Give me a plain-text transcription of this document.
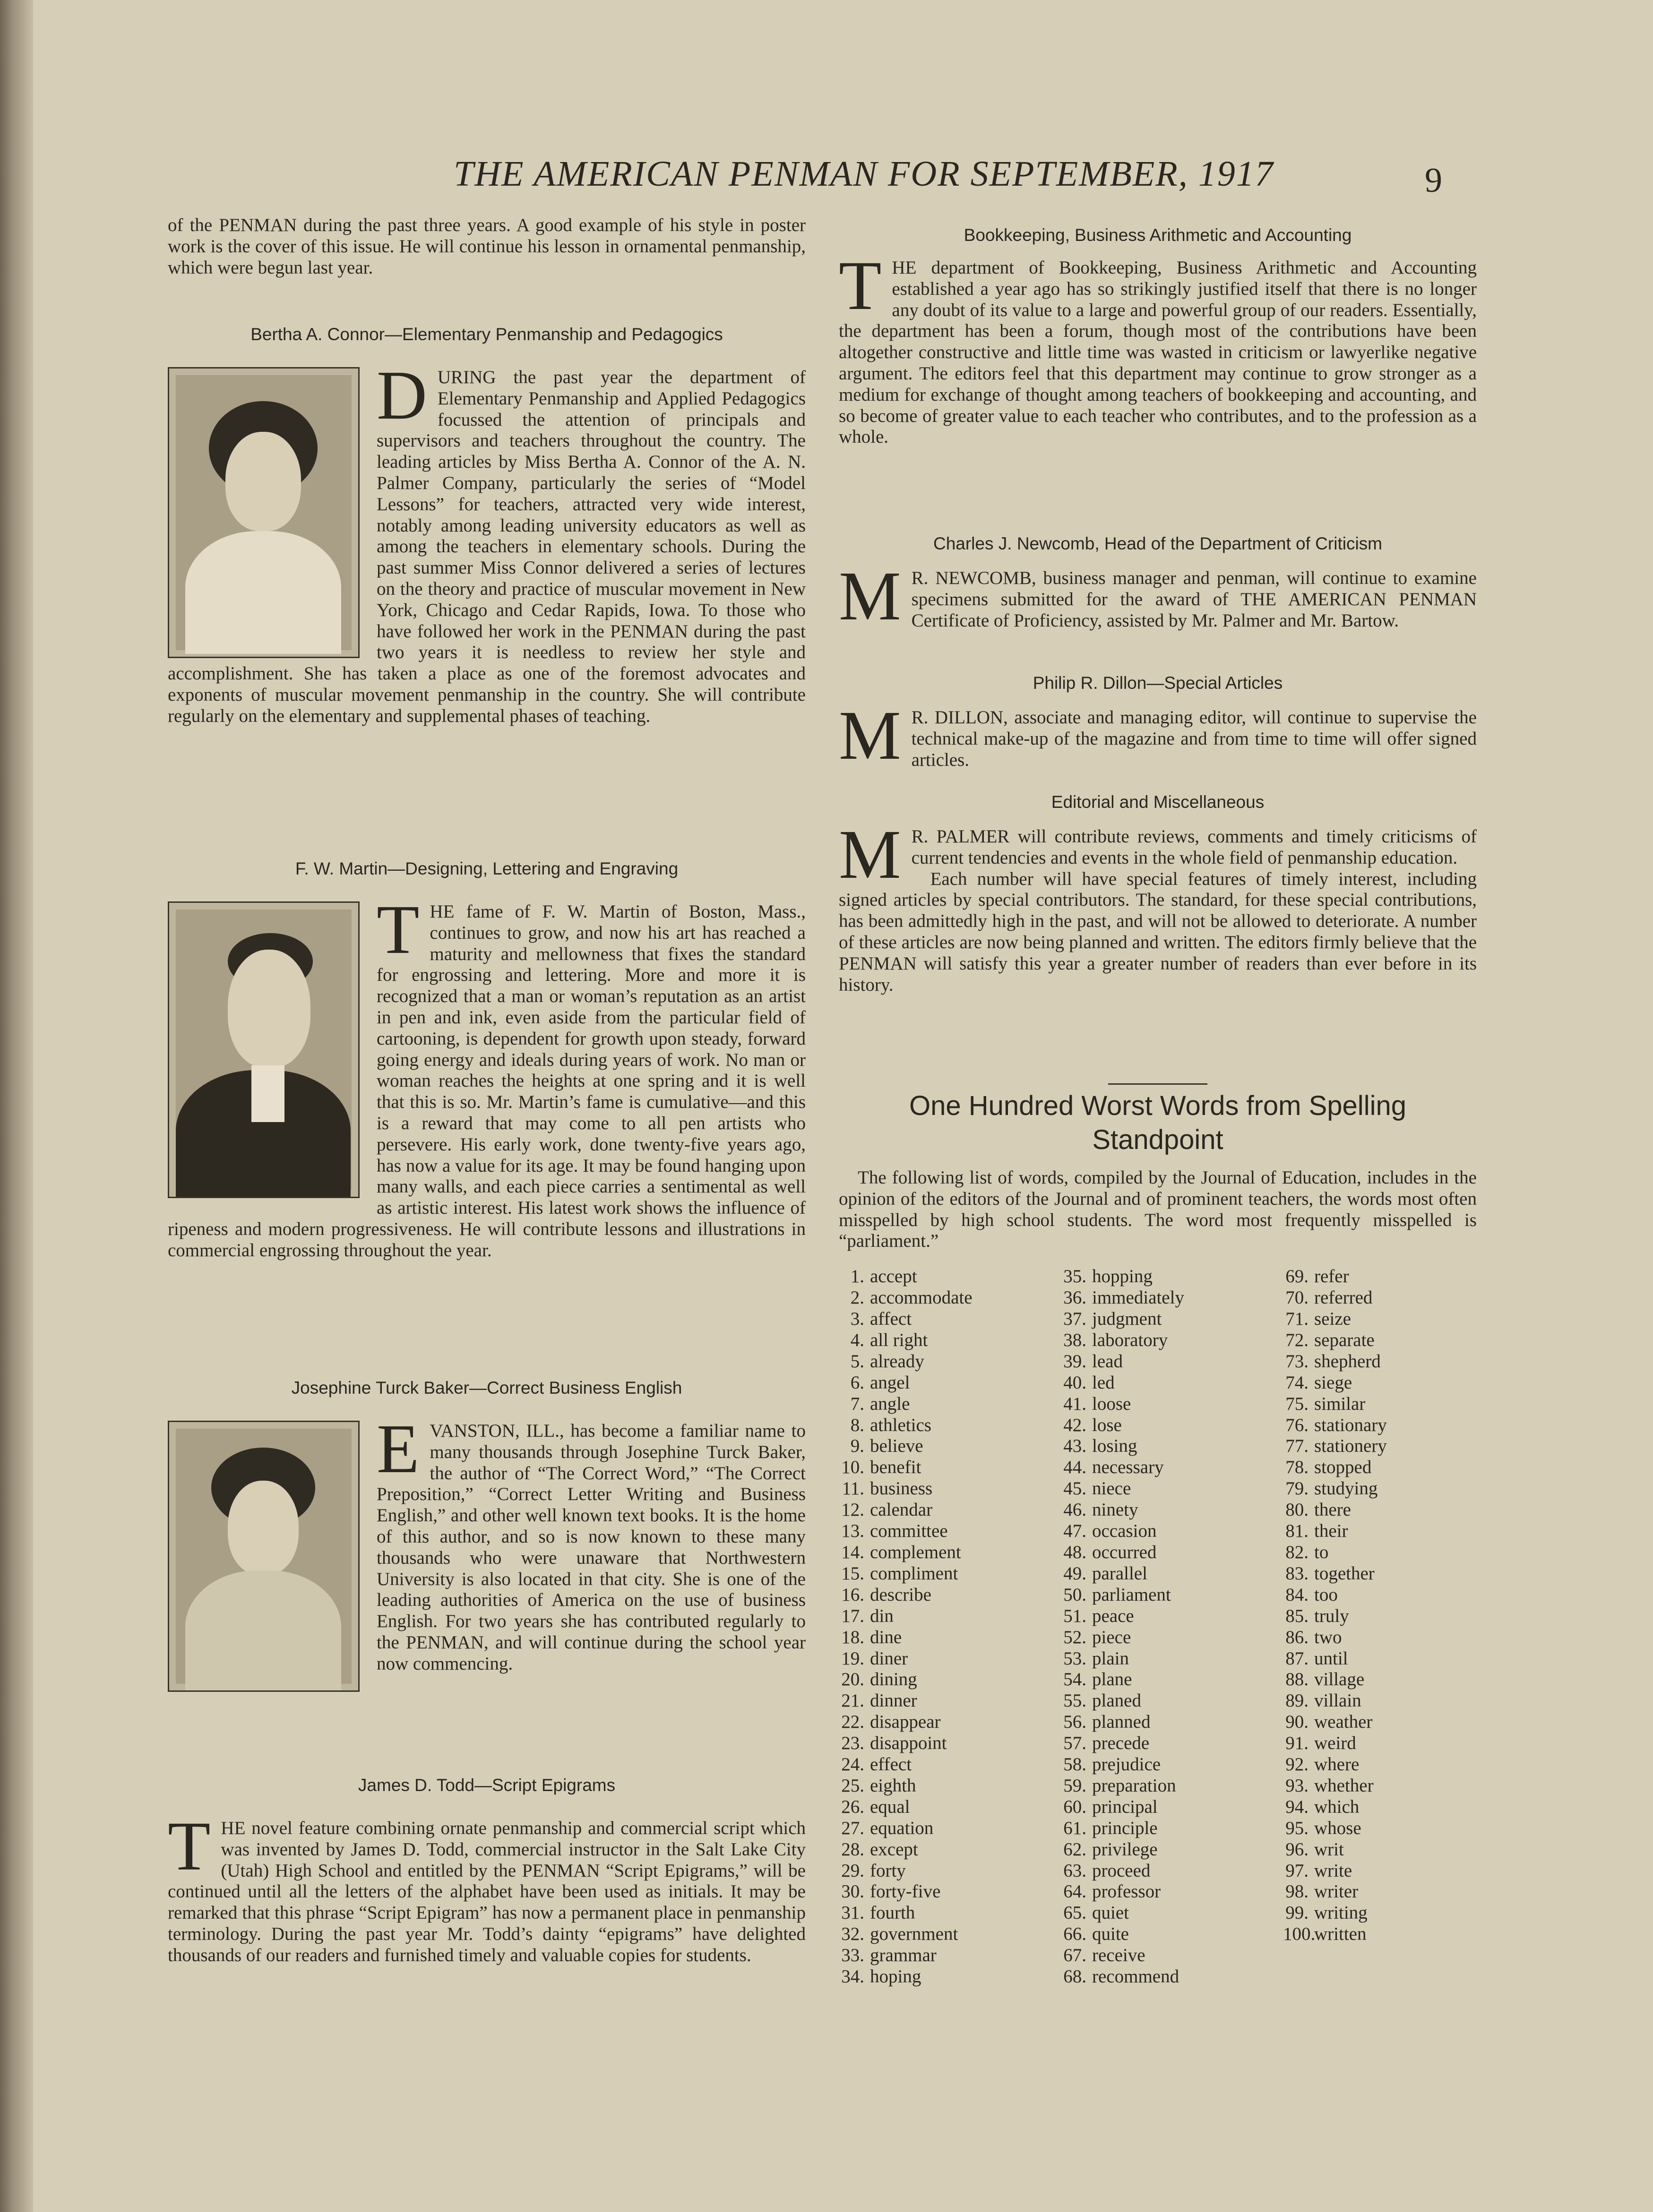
THE AMERICAN PENMAN FOR SEPTEMBER, 1917	9

of the PENMAN during the past three years. A good example of his style in poster work is the cover of this issue. He will continue his lesson in ornamental penmanship, which were begun last year.

Bertha A. Connor—Elementary Penmanship and Pedagogics

D URING the past year the department of Elementary Penmanship and Applied Pedagogics focussed the attention of principals and supervisors and teachers throughout the country. The leading articles by Miss Bertha A. Connor of the A. N. Palmer Company, particularly the series of “Model Lessons” for teachers, attracted very wide interest, notably among leading university educators as well as among the teachers in elementary schools. During the past summer Miss Connor delivered a series of lectures on the theory and practice of muscular movement in New York, Chicago and Cedar Rapids, Iowa. To those who have followed her work in the PENMAN during the past two years it is needless to review her style and accomplishment. She has taken a place as one of the foremost advocates and exponents of muscular movement penmanship in the country. She will contribute regularly on the elementary and supplemental phases of teaching.

F. W. Martin—Designing, Lettering and Engraving

T HE fame of F. W. Martin of Boston, Mass., continues to grow, and now his art has reached a maturity and mellowness that fixes the standard for engrossing and lettering. More and more it is recognized that a man or woman’s reputation as an artist in pen and ink, even aside from the particular field of cartooning, is dependent for growth upon steady, forward going energy and ideals during years of work. No man or woman reaches the heights at one spring and it is well that this is so. Mr. Martin’s fame is cumulative—and this is a reward that may come to all pen artists who persevere. His early work, done twenty-five years ago, has now a value for its age. It may be found hanging upon many walls, and each piece carries a sentimental as well as artistic interest. His latest work shows the influence of ripeness and modern progressiveness. He will contribute lessons and illustrations in commercial engrossing throughout the year.

Josephine Turck Baker—Correct Business English

E VANSTON, ILL., has become a familiar name to many thousands through Josephine Turck Baker, the author of “The Correct Word,” “The Correct Preposition,” “Correct Letter Writing and Business English,” and other well known text books. It is the home of this author, and so is now known to these many thousands who were unaware that Northwestern University is also located in that city. She is one of the leading authorities of America on the use of business English. For two years she has contributed regularly to the PENMAN, and will continue during the school year now commencing.

James D. Todd—Script Epigrams

T HE novel feature combining ornate penmanship and commercial script which was invented by James D. Todd, commercial instructor in the Salt Lake City (Utah) High School and entitled by the PENMAN “Script Epigrams,” will be continued until all the letters of the alphabet have been used as initials. It may be remarked that this phrase “Script Epigram” has now a permanent place in penmanship terminology. During the past year Mr. Todd’s dainty “epigrams” have delighted thousands of our readers and furnished timely and valuable copies for students.

Bookkeeping, Business Arithmetic and Accounting

T HE department of Bookkeeping, Business Arithmetic and Accounting established a year ago has so strikingly justified itself that there is no longer any doubt of its value to a large and powerful group of our readers. Essentially, the department has been a forum, though most of the contributions have been altogether constructive and little time was wasted in criticism or lawyerlike negative argument. The editors feel that this department may continue to grow stronger as a medium for exchange of thought among teachers of bookkeeping and accounting, and so become of greater value to each teacher who contributes, and to the profession as a whole.

Charles J. Newcomb, Head of the Department of Criticism

M R. NEWCOMB, business manager and penman, will continue to examine specimens submitted for the award of THE AMERICAN PENMAN Certificate of Proficiency, assisted by Mr. Palmer and Mr. Bartow.

Philip R. Dillon—Special Articles

M R. DILLON, associate and managing editor, will continue to supervise the technical make-up of the magazine and from time to time will offer signed articles.

Editorial and Miscellaneous

M R. PALMER will contribute reviews, comments and timely criticisms of current tendencies and events in the whole field of penmanship education.

Each number will have special features of timely interest, including signed articles by special contributors. The standard, for these special contributions, has been admittedly high in the past, and will not be allowed to deteriorate. A number of these articles are now being planned and written. The editors firmly believe that the PENMAN will satisfy this year a greater number of readers than ever before in its history.

One Hundred Worst Words from Spelling

Standpoint

The following list of words, compiled by the Journal of Education, includes in the opinion of the editors of the Journal and of prominent teachers, the words most often misspelled by high school students. The word most frequently misspelled is “parliament.”

1. accept
2. accommodate
3. affect
4. all right
5. already
6. angel
7. angle
8. athletics
9. believe
10. benefit
11. business
12. calendar
13. committee
14. complement
15. compliment
16. describe
17. din
18. dine
19. diner
20. dining
21. dinner
22. disappear
23. disappoint
24. effect
25. eighth
26. equal
27. equation
28. except
29. forty
30. forty-five
31. fourth
32. government
33. grammar
34. hoping
35. hopping
36. immediately
37. judgment
38. laboratory
39. lead
40. led
41. loose
42. lose
43. losing
44. necessary
45. niece
46. ninety
47. occasion
48. occurred
49. parallel
50. parliament
51. peace
52. piece
53. plain
54. plane
55. planed
56. planned
57. precede
58. prejudice
59. preparation
60. principal
61. principle
62. privilege
63. proceed
64. professor
65. quiet
66. quite
67. receive
68. recommend
69. refer
70. referred
71. seize
72. separate
73. shepherd
74. siege
75. similar
76. stationary
77. stationery
78. stopped
79. studying
80. there
81. their
82. to
83. together
84. too
85. truly
86. two
87. until
88. village
89. villain
90. weather
91. weird
92. where
93. whether
94. which
95. whose
96. writ
97. write
98. writer
99. writing
100.written
